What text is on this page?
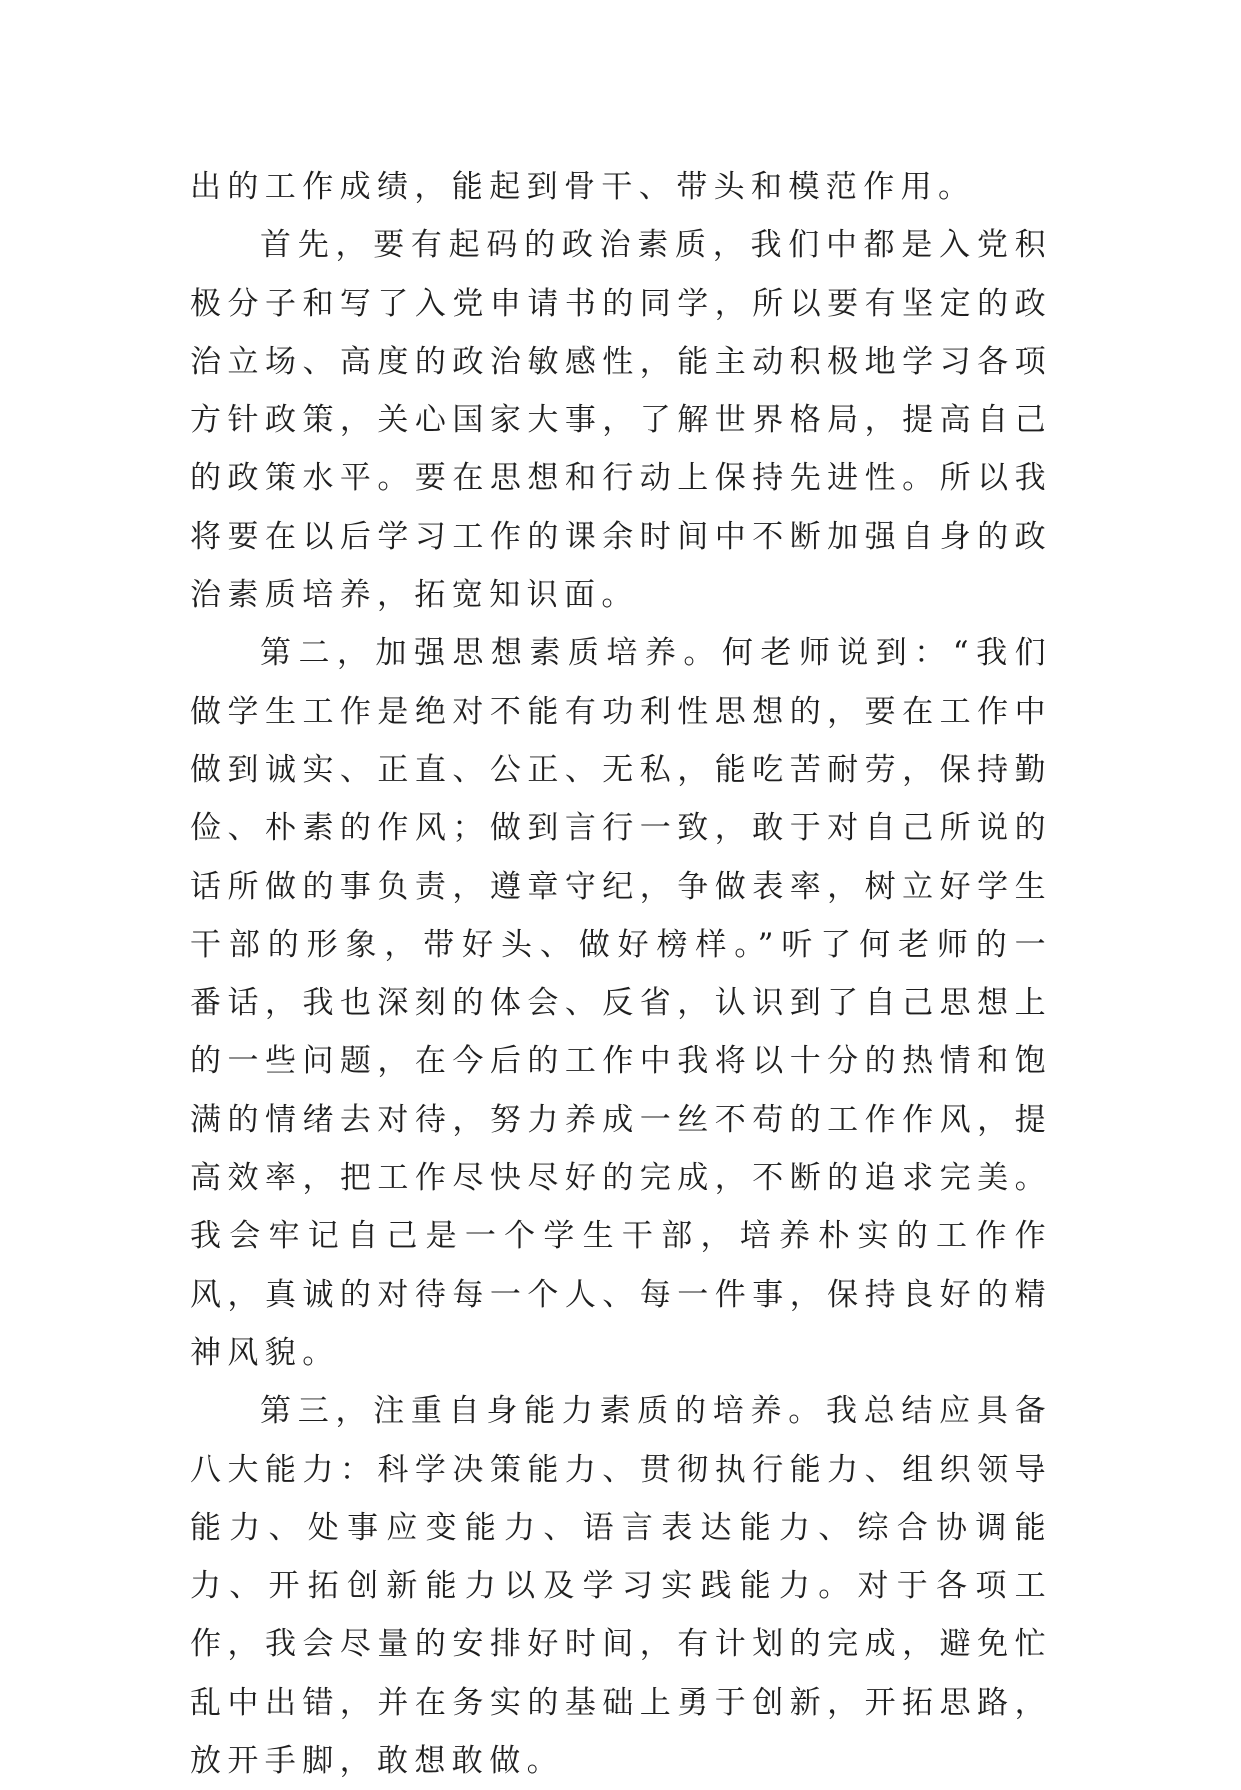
出的工作成绩，能起到骨干、带头和模范作用。

首先，要有起码的政治素质，我们中都是入党积极分子和写了入党申请书的同学，所以要有坚定的政治立场、高度的政治敏感性，能主动积极地学习各项方针政策，关心国家大事，了解世界格局，提高自己的政策水平。要在思想和行动上保持先进性。所以我将要在以后学习工作的课余时间中不断加强自身的政治素质培养，拓宽知识面。

第二，加强思想素质培养。何老师说到：“我们做学生工作是绝对不能有功利性思想的，要在工作中做到诚实、正直、公正、无私，能吃苦耐劳，保持勤俭、朴素的作风；做到言行一致，敢于对自己所说的话所做的事负责，遵章守纪，争做表率，树立好学生干部的形象，带好头、做好榜样。”听了何老师的一番话，我也深刻的体会、反省，认识到了自己思想上的一些问题，在今后的工作中我将以十分的热情和饱满的情绪去对待，努力养成一丝不苟的工作作风，提高效率，把工作尽快尽好的完成，不断的追求完美。我会牢记自己是一个学生干部，培养朴实的工作作风，真诚的对待每一个人、每一件事，保持良好的精神风貌。

第三，注重自身能力素质的培养。我总结应具备八大能力：科学决策能力、贯彻执行能力、组织领导能力、处事应变能力、语言表达能力、综合协调能力、开拓创新能力以及学习实践能力。对于各项工作，我会尽量的安排好时间，有计划的完成，避免忙乱中出错，并在务实的基础上勇于创新，开拓思路，放开手脚，敢想敢做。
